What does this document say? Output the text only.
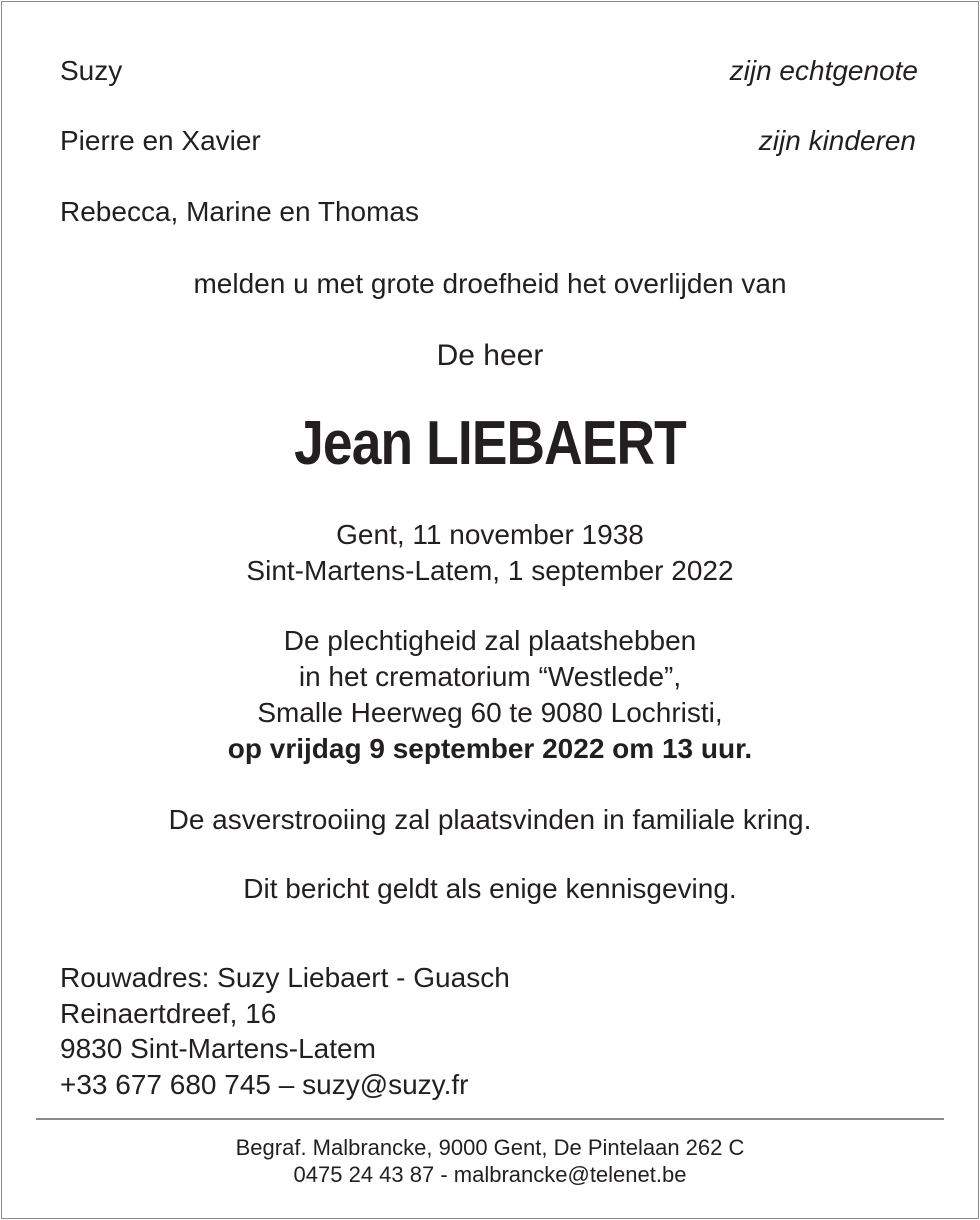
Suzy	zijn echtgenote
Pierre en Xavier	zijn kinderen
Rebecca, Marine en Thomas
melden u met grote droefheid het overlijden van
De heer
Jean LIEBAERT
Gent, 11 november 1938
Sint-Martens-Latem, 1 september 2022
De plechtigheid zal plaatshebben
in het crematorium “Westlede”,
Smalle Heerweg 60 te 9080 Lochristi,
op vrijdag 9 september 2022 om 13 uur.
De asverstrooiing zal plaatsvinden in familiale kring.
Dit bericht geldt als enige kennisgeving.
Rouwadres: Suzy Liebaert - Guasch
Reinaertdreef, 16
9830 Sint-Martens-Latem
+33 677 680 745 – suzy@suzy.fr
Begraf. Malbrancke, 9000 Gent, De Pintelaan 262 C
0475 24 43 87 - malbrancke@telenet.be
